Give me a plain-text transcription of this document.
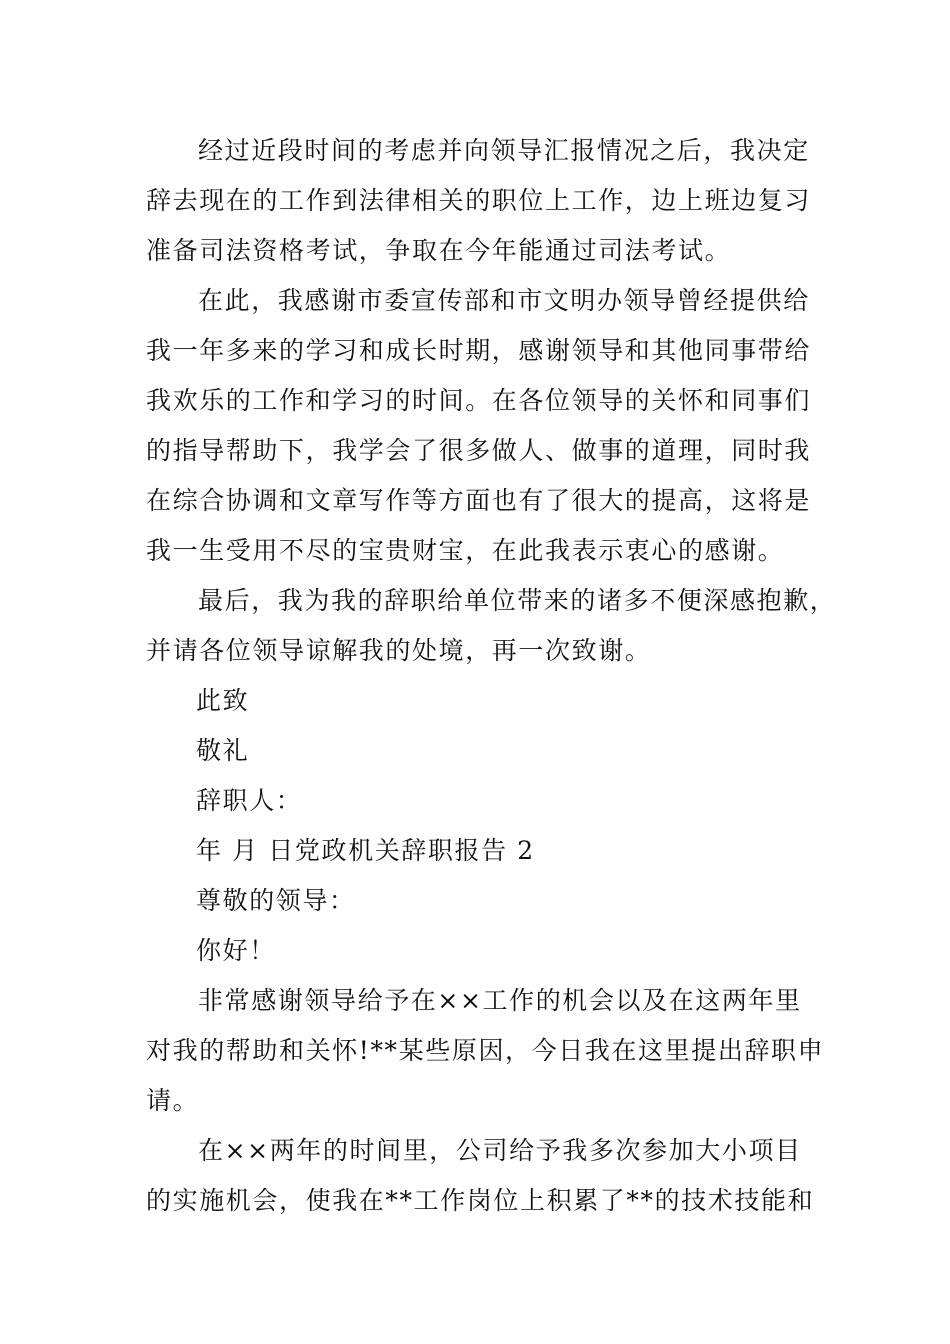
经过近段时间的考虑并向领导汇报情况之后，我决定
辞去现在的工作到法律相关的职位上工作，边上班边复习
准备司法资格考试，争取在今年能通过司法考试。
在此，我感谢市委宣传部和市文明办领导曾经提供给
我一年多来的学习和成长时期，感谢领导和其他同事带给
我欢乐的工作和学习的时间。在各位领导的关怀和同事们
的指导帮助下，我学会了很多做人、做事的道理，同时我
在综合协调和文章写作等方面也有了很大的提高，这将是
我一生受用不尽的宝贵财宝，在此我表示衷心的感谢。
最后，我为我的辞职给单位带来的诸多不便深感抱歉，
并请各位领导谅解我的处境，再一次致谢。
此致
敬礼
辞职人：
年 月 日党政机关辞职报告 2
尊敬的领导：
你好！
非常感谢领导给予在××工作的机会以及在这两年里
对我的帮助和关怀!**某些原因，今日我在这里提出辞职申
请。
在××两年的时间里，公司给予我多次参加大小项目
的实施机会，使我在**工作岗位上积累了**的技术技能和
